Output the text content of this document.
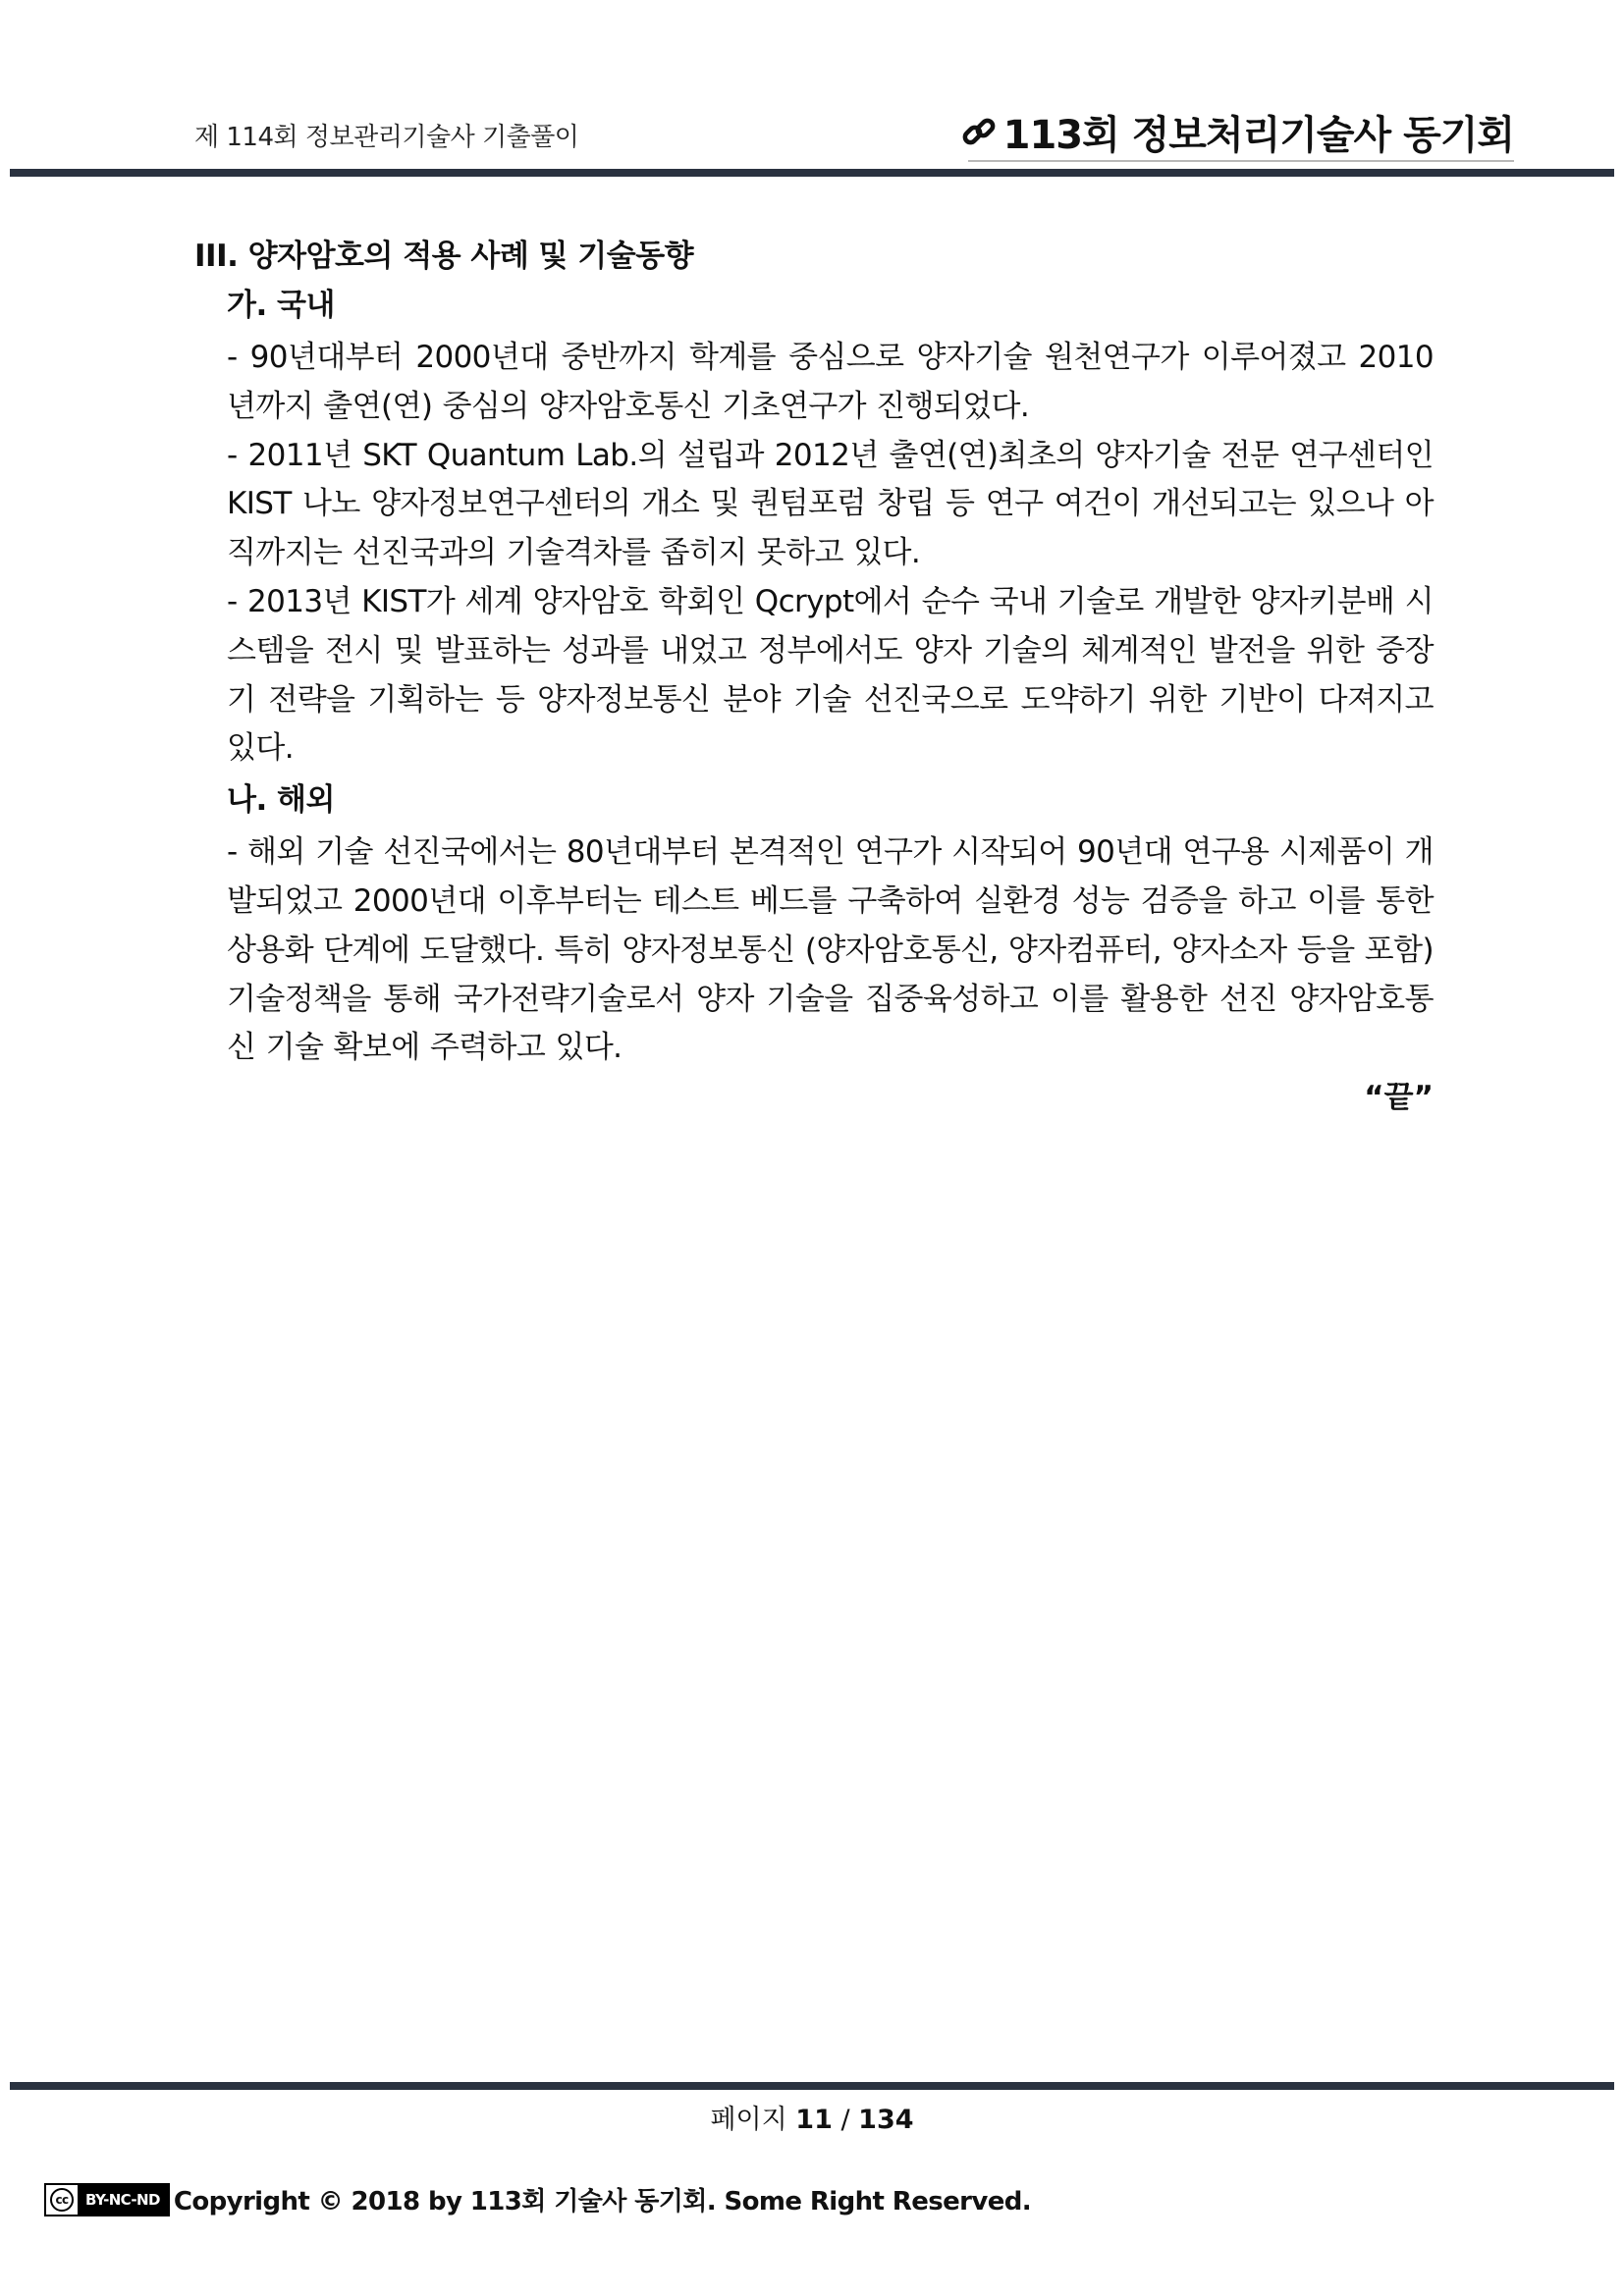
제 114회 정보관리기술사 기출풀이	113회 정보처리기술사 동기회
III. 양자암호의 적용 사례 및 기술동향
가. 국내

- 90년대부터 2000년대 중반까지 학계를 중심으로 양자기술 원천연구가 이루어졌고 2010년까지 출연(연) 중심의 양자암호통신 기초연구가 진행되었다.

- 2011년 SKT Quantum Lab.의 설립과 2012년 출연(연)최초의 양자기술 전문 연구센터인 KIST 나노 양자정보연구센터의 개소 및 퀀텀포럼 창립 등 연구 여건이 개선되고는 있으나 아직까지는 선진국과의 기술격차를 좁히지 못하고 있다.

- 2013년 KIST가 세계 양자암호 학회인 Qcrypt에서 순수 국내 기술로 개발한 양자키분배 시스템을 전시 및 발표하는 성과를 내었고 정부에서도 양자 기술의 체계적인 발전을 위한 중장기 전략을 기획하는 등 양자정보통신 분야 기술 선진국으로 도약하기 위한 기반이 다져지고 있다.

나. 해외

- 해외 기술 선진국에서는 80년대부터 본격적인 연구가 시작되어 90년대 연구용 시제품이 개발되었고 2000년대 이후부터는 테스트 베드를 구축하여 실환경 성능 검증을 하고 이를 통한 상용화 단계에 도달했다. 특히 양자정보통신 (양자암호통신, 양자컴퓨터, 양자소자 등을 포함) 기술정책을 통해 국가전략기술로서 양자 기술을 집중육성하고 이를 활용한 선진 양자암호통신 기술 확보에 주력하고 있다.

“끝”
페이지 11 / 134
cc	BY-NC-ND Copyright © 2018 by 113회 기술사 동기회. Some Right Reserved.
